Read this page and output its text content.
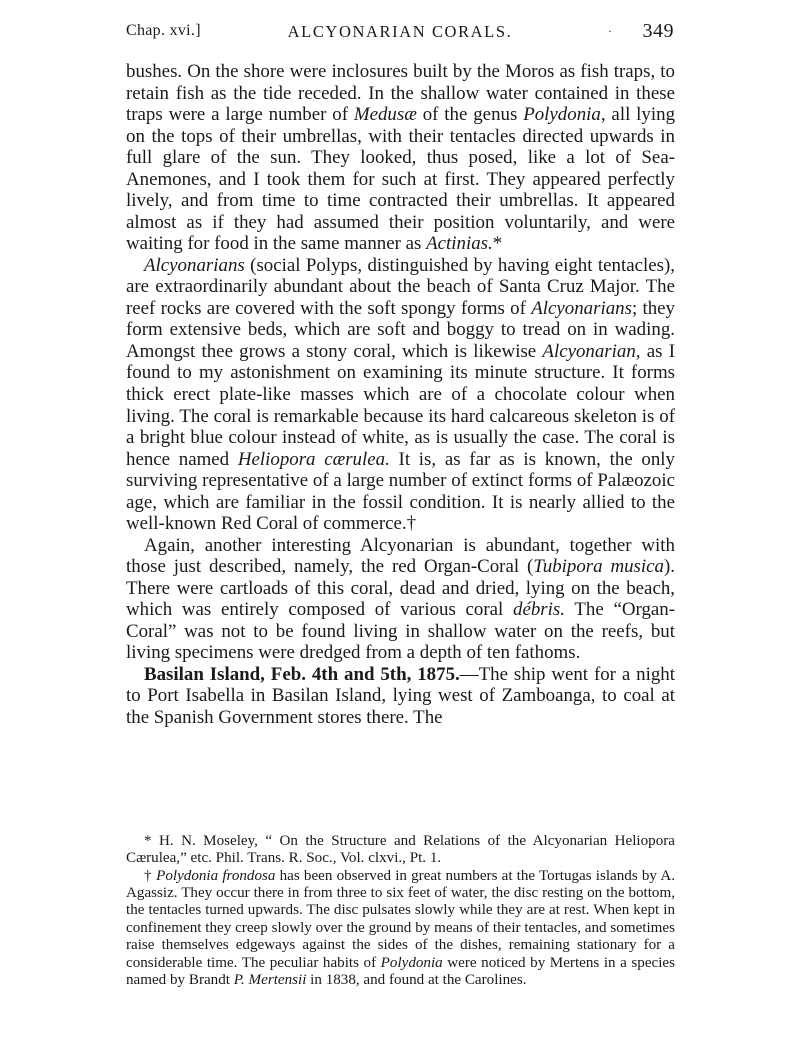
Chap. xvi.]	ALCYONARIAN CORALS.	· 349

bushes. On the shore were inclosures built by the Moros as fish traps, to retain fish as the tide receded. In the shallow water contained in these traps were a large number of Medusæ of the genus Polydonia, all lying on the tops of their umbrellas, with their tentacles directed upwards in full glare of the sun. They looked, thus posed, like a lot of Sea-Anemones, and I took them for such at first. They appeared perfectly lively, and from time to time contracted their umbrellas. It appeared almost as if they had assumed their position voluntarily, and were waiting for food in the same manner as Actinias.*

Alcyonarians (social Polyps, distinguished by having eight tentacles), are extraordinarily abundant about the beach of Santa Cruz Major. The reef rocks are covered with the soft spongy forms of Alcyonarians; they form extensive beds, which are soft and boggy to tread on in wading. Amongst thee grows a stony coral, which is likewise Alcyonarian, as I found to my astonishment on examining its minute structure. It forms thick erect plate-like masses which are of a chocolate colour when living. The coral is remarkable because its hard calcareous skeleton is of a bright blue colour instead of white, as is usually the case. The coral is hence named Heliopora cærulea. It is, as far as is known, the only surviving representative of a large number of extinct forms of Palæozoic age, which are familiar in the fossil condition. It is nearly allied to the well-known Red Coral of commerce.†

Again, another interesting Alcyonarian is abundant, together with those just described, namely, the red Organ-Coral (Tubipora musica). There were cartloads of this coral, dead and dried, lying on the beach, which was entirely composed of various coral débris. The “Organ-Coral” was not to be found living in shallow water on the reefs, but living specimens were dredged from a depth of ten fathoms.

Basilan Island, Feb. 4th and 5th, 1875.—The ship went for a night to Port Isabella in Basilan Island, lying west of Zamboanga, to coal at the Spanish Government stores there. The

* H. N. Moseley, “ On the Structure and Relations of the Alcyonarian Heliopora Cærulea,” etc. Phil. Trans. R. Soc., Vol. clxvi., Pt. 1.

† Polydonia frondosa has been observed in great numbers at the Tortugas islands by A. Agassiz. They occur there in from three to six feet of water, the disc resting on the bottom, the tentacles turned upwards. The disc pulsates slowly while they are at rest. When kept in confinement they creep slowly over the ground by means of their tentacles, and sometimes raise themselves edgeways against the sides of the dishes, remaining stationary for a considerable time. The peculiar habits of Polydonia were noticed by Mertens in a species named by Brandt P. Mertensii in 1838, and found at the Carolines.
